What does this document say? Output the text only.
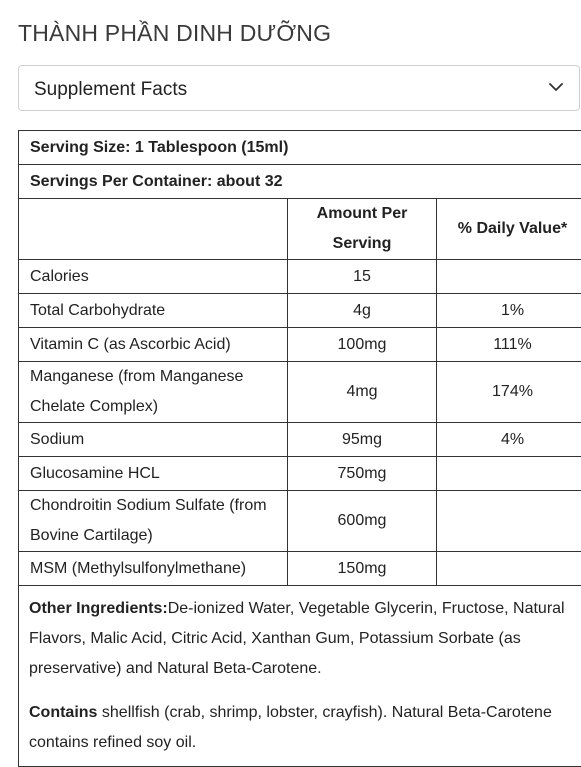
THÀNH PHẦN DINH DƯỠNG
Supplement Facts
Serving Size: 1 Tablespoon (15ml)		
Servings Per Container: about 32		
	Amount Per Serving	% Daily Value*
Calories	15	
Total Carbohydrate	4g	1%
Vitamin C (as Ascorbic Acid)	100mg	111%
Manganese (from Manganese Chelate Complex)	4mg	174%
Sodium	95mg	4%
Glucosamine HCL	750mg	
Chondroitin Sodium Sulfate (from Bovine Cartilage)	600mg	
MSM (Methylsulfonylmethane)	150mg	

Other Ingredients:De-ionized Water, Vegetable Glycerin, Fructose, Natural Flavors, Malic Acid, Citric Acid, Xanthan Gum, Potassium Sorbate (as preservative) and Natural Beta-Carotene.

Contains shellfish (crab, shrimp, lobster, crayfish). Natural Beta-Carotene contains refined soy oil.		
